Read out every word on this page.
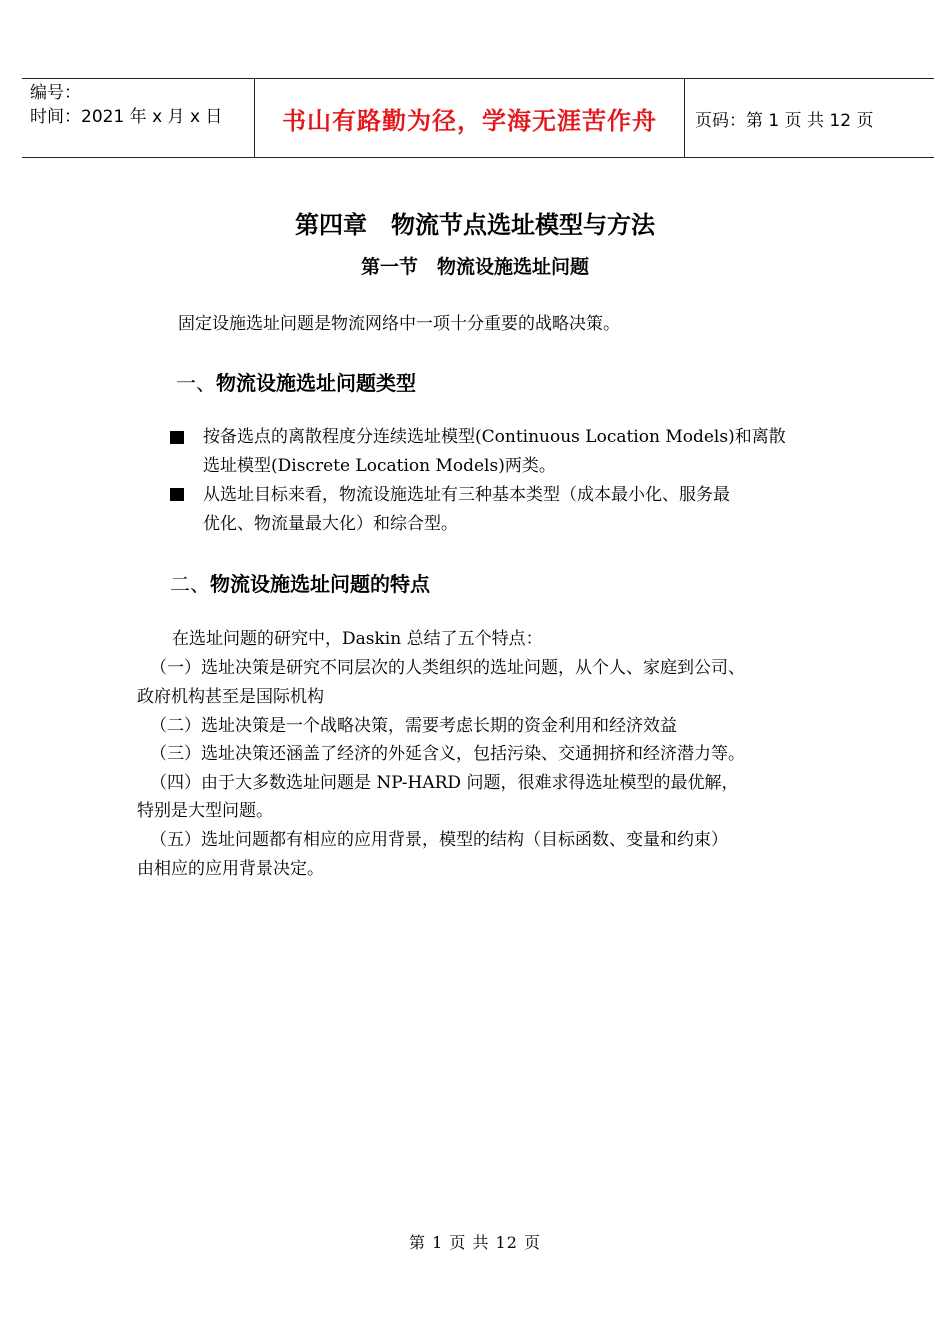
编号：
时间：2021 年 x 月 x 日	书山有路勤为径，学海无涯苦作舟 页码：第 1 页 共 12 页
第四章　物流节点选址模型与方法
第一节　物流设施选址问题
固定设施选址问题是物流网络中一项十分重要的战略决策。
一、物流设施选址问题类型
按备选点的离散程度分连续选址模型(Continuous Location Models)和离散
选址模型(Discrete Location Models)两类。
从选址目标来看，物流设施选址有三种基本类型（成本最小化、服务最
优化、物流量最大化）和综合型。
二、物流设施选址问题的特点
在选址问题的研究中，Daskin 总结了五个特点：
（一）选址决策是研究不同层次的人类组织的选址问题，从个人、家庭到公司、
政府机构甚至是国际机构
（二）选址决策是一个战略决策，需要考虑长期的资金利用和经济效益
（三）选址决策还涵盖了经济的外延含义，包括污染、交通拥挤和经济潜力等。
（四）由于大多数选址问题是 NP-HARD 问题，很难求得选址模型的最优解，
特别是大型问题。
（五）选址问题都有相应的应用背景，模型的结构（目标函数、变量和约束）
由相应的应用背景决定。
第 1 页 共 12 页
